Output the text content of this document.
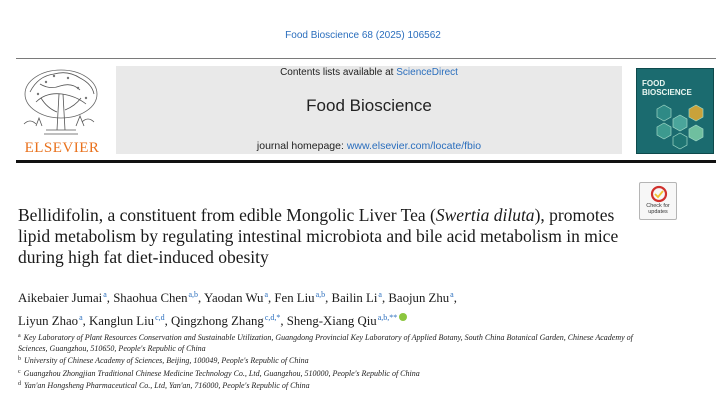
Food Bioscience 68 (2025) 106562
ELSEVIER
Contents lists available at ScienceDirect
Food Bioscience
journal homepage: www.elsevier.com/locate/fbio
FOOD
BIOSCIENCE
Check for
updates
Bellidifolin, a constituent from edible Mongolic Liver Tea (Swertia diluta), promotes lipid metabolism by regulating intestinal microbiota and bile acid metabolism in mice during high fat diet-induced obesity
Aikebaier Jumai$^a$, Shaohua Chen$^{a,b}$, Yaodan Wu$^a$, Fen Liu$^{a,b}$, Bailin Li$^a$, Baojun Zhu$^a$,
Liyun Zhao$^a$, Kanglun Liu$^{c,d}$, Qingzhong Zhang$^{c,d,*}$, Sheng-Xiang Qiu$^{a,b,**}$
$^a$ Key Laboratory of Plant Resources Conservation and Sustainable Utilization, Guangdong Provincial Key Laboratory of Applied Botany, South China Botanical Garden, Chinese Academy of Sciences, Guangzhou, 510650, People's Republic of China
$^b$ University of Chinese Academy of Sciences, Beijing, 100049, People's Republic of China
$^c$ Guangzhou Zhongjian Traditional Chinese Medicine Technology Co., Ltd, Guangzhou, 510000, People's Republic of China
$^d$ Yan'an Hongsheng Pharmaceutical Co., Ltd, Yan'an, 716000, People's Republic of China
